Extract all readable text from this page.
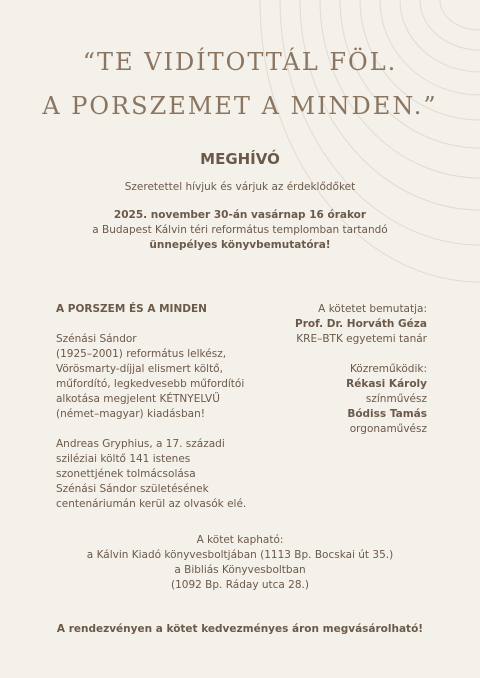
“TE VIDÍTOTTÁL FÖL.
A PORSZEMET A MINDEN.”
MEGHÍVÓ
Szeretettel hívjuk és várjuk az érdeklődőket
2025. november 30-án vasárnap 16 órakor
a Budapest Kálvin téri református templomban tartandó
ünnepélyes könyvbemutatóra!
A PORSZEM ÉS A MINDEN

Szénási Sándor

(1925–2001) református lelkész,

Vörösmarty-díjjal elismert költő,

műfordító, legkedvesebb műfordítói

alkotása megjelent KÉTNYELVŰ

(német–magyar) kiadásban!

Andreas Gryphius, a 17. századi

sziléziai költő 141 istenes

szonettjének tolmácsolása

Szénási Sándor születésének

centenáriumán kerül az olvasók elé.

A kötetet bemutatja:

Prof. Dr. Horváth Géza

KRE–BTK egyetemi tanár

Közreműködik:

Rékasi Károly

színművész

Bódiss Tamás

orgonaművész

A kötet kapható:
a Kálvin Kiadó könyvesboltjában (1113 Bp. Bocskai út 35.)
a Bibliás Könyvesboltban
(1092 Bp. Ráday utca 28.)
A rendezvényen a kötet kedvezményes áron megvásárolható!
